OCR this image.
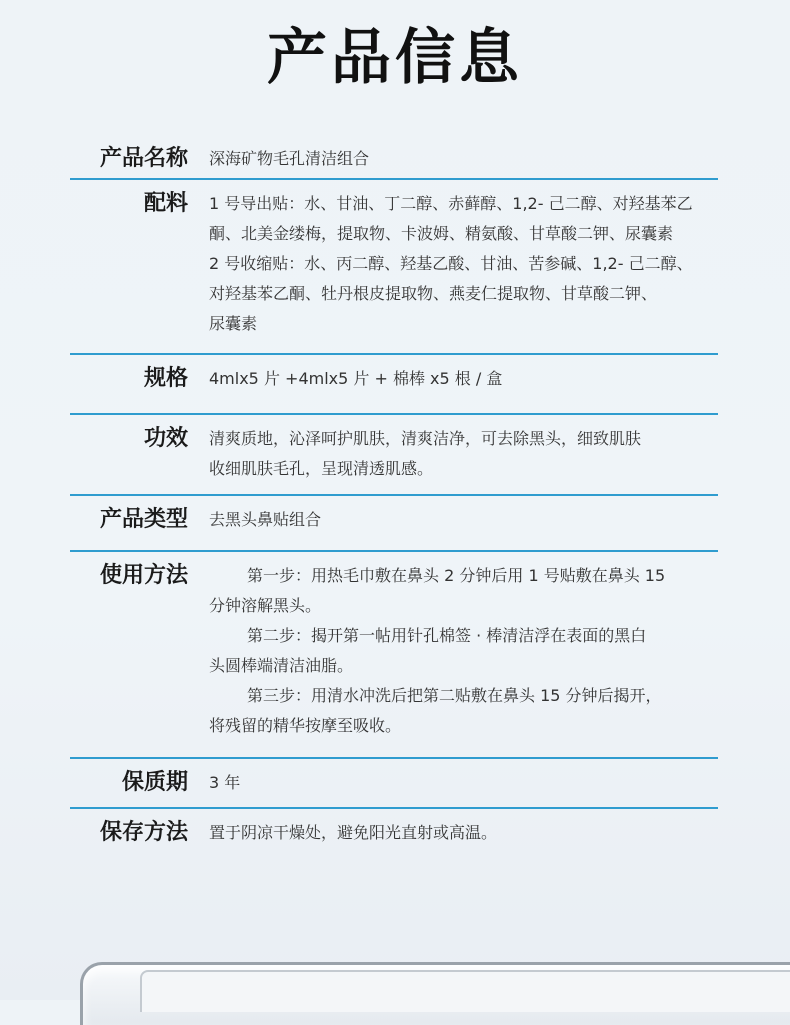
产品信息
产品名称 深海矿物毛孔清洁组合
配料 1 号导出贴：水、甘油、丁二醇、赤藓醇、1,2- 己二醇、对羟基苯乙
酮、北美金缕梅，提取物、卡波姆、精氨酸、甘草酸二钾、尿囊素
2 号收缩贴：水、丙二醇、羟基乙酸、甘油、苦参碱、1,2- 己二醇、
对羟基苯乙酮、牡丹根皮提取物、燕麦仁提取物、甘草酸二钾、
尿囊素
规格 4mlx5 片 +4mlx5 片 + 棉棒 x5 根 / 盒
功效 清爽质地，沁泽呵护肌肤，清爽洁净，可去除黑头，细致肌肤
收细肌肤毛孔，呈现清透肌感。
产品类型 去黑头鼻贴组合
使用方法	第一步：用热毛巾敷在鼻头 2 分钟后用 1 号贴敷在鼻头 15
分钟溶解黑头。
第二步：揭开第一帖用针孔棉签 · 棒清洁浮在表面的黑白
头圆棒端清洁油脂。
第三步：用清水冲洗后把第二贴敷在鼻头 15 分钟后揭开，
将残留的精华按摩至吸收。
保质期 3 年
保存方法 置于阴凉干燥处，避免阳光直射或高温。
